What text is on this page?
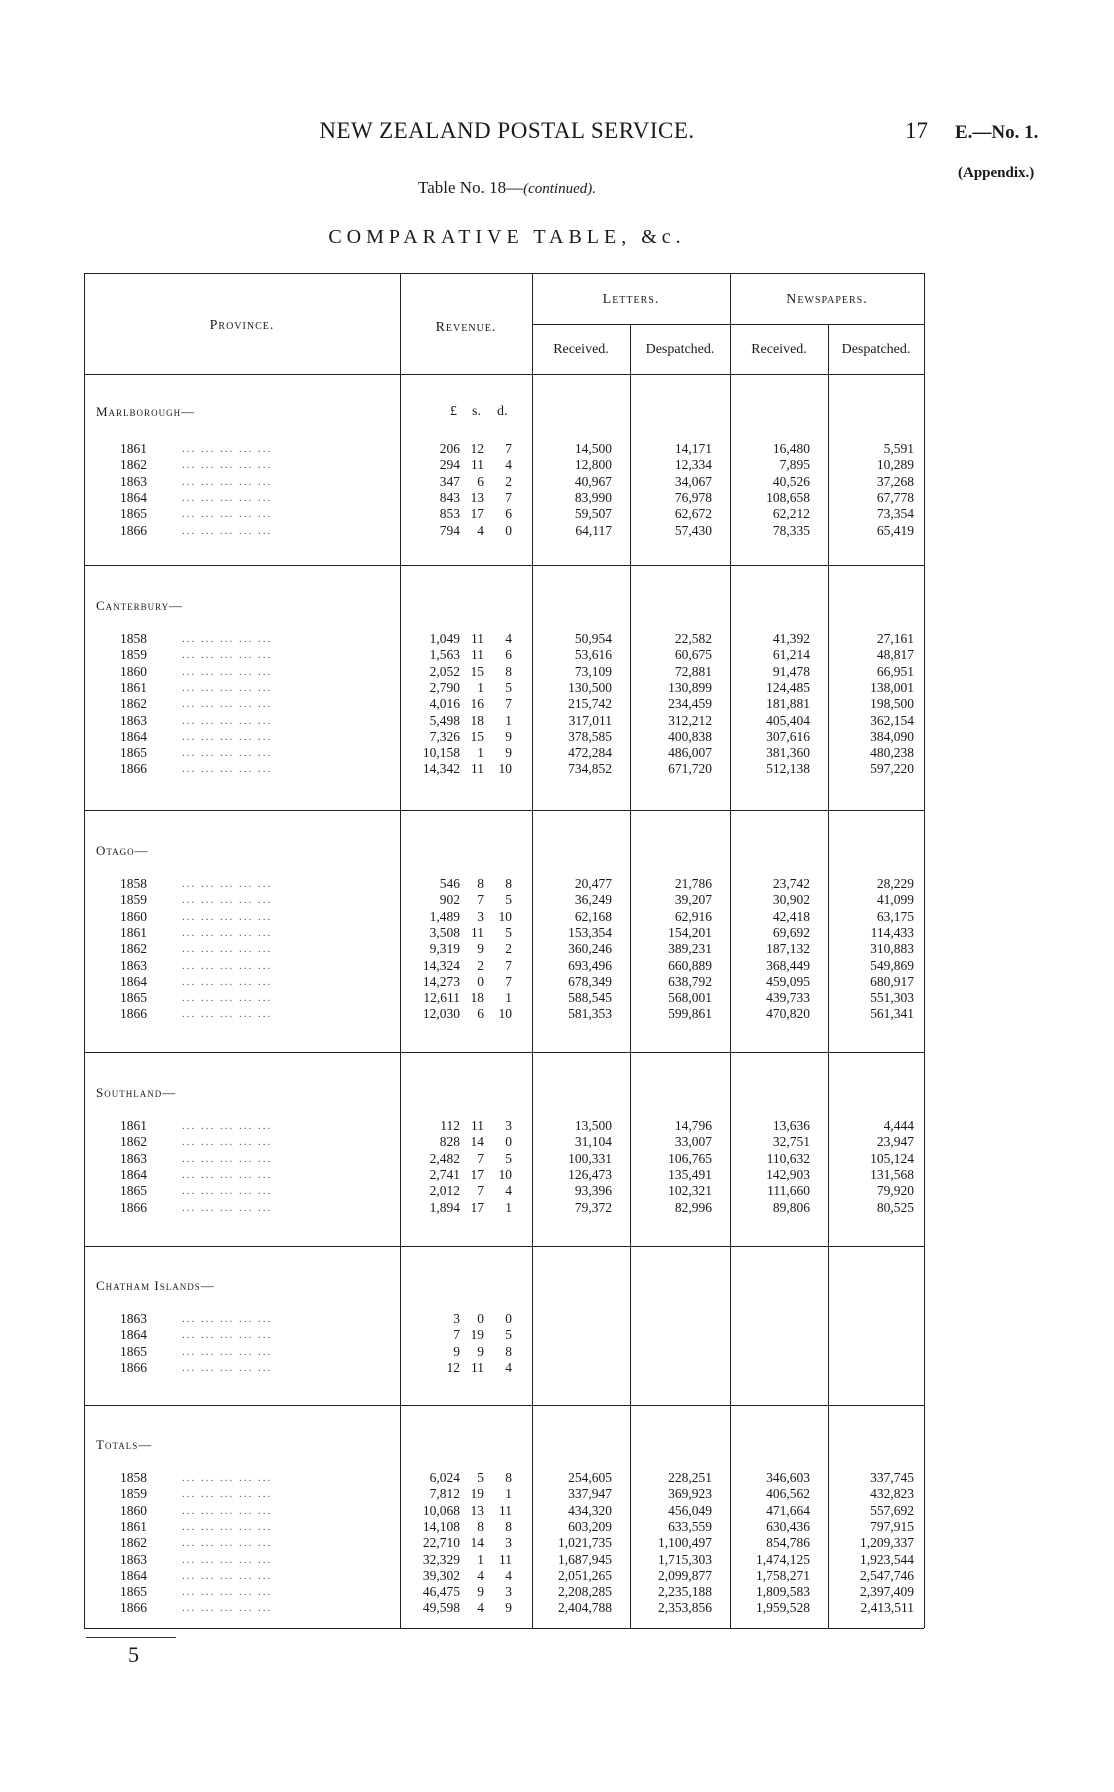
NEW ZEALAND POSTAL SERVICE.	17 E.—No. 1.
(Appendix.)
Table No. 18—(continued).
COMPARATIVE TABLE, &c.
Province.	Revenue.
Letters.	Newspapers.
Received.	Despatched.	Received.	Despatched.
£ s. d.
Marlborough—
1861	206 12	7	14,500	14,171	16,480	5,591
... ... ... ... ...
1862	294 11	4	12,800	12,334	7,895	10,289
... ... ... ... ...
1863	347	6	2	40,967	34,067	40,526	37,268
... ... ... ... ...
1864	843 13	7	83,990	76,978	108,658	67,778
... ... ... ... ...
1865	853 17	6	59,507	62,672	62,212	73,354
... ... ... ... ...
1866	794	4	0	64,117	57,430	78,335	65,419
... ... ... ... ...
Canterbury—
1858	1,049 11	4	50,954	22,582	41,392	27,161
... ... ... ... ...
1859	1,563 11	6	53,616	60,675	61,214	48,817
... ... ... ... ...
1860	2,052 15	8	73,109	72,881	91,478	66,951
... ... ... ... ...
1861	2,790	1	5	130,500	130,899	124,485	138,001
... ... ... ... ...
1862	4,016 16	7	215,742	234,459	181,881	198,500
... ... ... ... ...
1863	5,498 18	1	317,011	312,212	405,404	362,154
... ... ... ... ...
1864	7,326 15	9	378,585	400,838	307,616	384,090
... ... ... ... ...
1865	10,158	1	9	472,284	486,007	381,360	480,238
... ... ... ... ...
1866	14,342 11	10	734,852	671,720	512,138	597,220
... ... ... ... ...
Otago—
1858	546	8	8	20,477	21,786	23,742	28,229
... ... ... ... ...
1859	902	7	5	36,249	39,207	30,902	41,099
... ... ... ... ...
1860	1,489	3	10	62,168	62,916	42,418	63,175
... ... ... ... ...
1861	3,508 11	5	153,354	154,201	69,692	114,433
... ... ... ... ...
1862	9,319	9	2	360,246	389,231	187,132	310,883
... ... ... ... ...
1863	14,324	2	7	693,496	660,889	368,449	549,869
... ... ... ... ...
1864	14,273	0	7	678,349	638,792	459,095	680,917
... ... ... ... ...
1865	12,611 18	1	588,545	568,001	439,733	551,303
... ... ... ... ...
1866	12,030	6	10	581,353	599,861	470,820	561,341
... ... ... ... ...
Southland—
1861	112 11	3	13,500	14,796	13,636	4,444
... ... ... ... ...
1862	828 14	0	31,104	33,007	32,751	23,947
... ... ... ... ...
1863	2,482	7	5	100,331	106,765	110,632	105,124
... ... ... ... ...
1864	2,741 17	10	126,473	135,491	142,903	131,568
... ... ... ... ...
1865	2,012	7	4	93,396	102,321	111,660	79,920
... ... ... ... ...
1866	1,894 17	1	79,372	82,996	89,806	80,525
... ... ... ... ...
Chatham Islands—
1863	3	0	0
... ... ... ... ...
1864	7 19	5
... ... ... ... ...
1865	9	9	8
... ... ... ... ...
1866	12 11	4
... ... ... ... ...
Totals—
1858	6,024	5	8	254,605	228,251	346,603	337,745
... ... ... ... ...
1859	7,812 19	1	337,947	369,923	406,562	432,823
... ... ... ... ...
1860	10,068 13	11	434,320	456,049	471,664	557,692
... ... ... ... ...
1861	14,108	8	8	603,209	633,559	630,436	797,915
... ... ... ... ...
1862	22,710 14	3	1,021,735	1,100,497	854,786	1,209,337
... ... ... ... ...
1863	32,329	1	11	1,687,945	1,715,303	1,474,125	1,923,544
... ... ... ... ...
1864	39,302	4	4	2,051,265	2,099,877	1,758,271	2,547,746
... ... ... ... ...
1865	46,475	9	3	2,208,285	2,235,188	1,809,583	2,397,409
... ... ... ... ...
1866	49,598	4	9	2,404,788	2,353,856	1,959,528	2,413,511
... ... ... ... ...
5
